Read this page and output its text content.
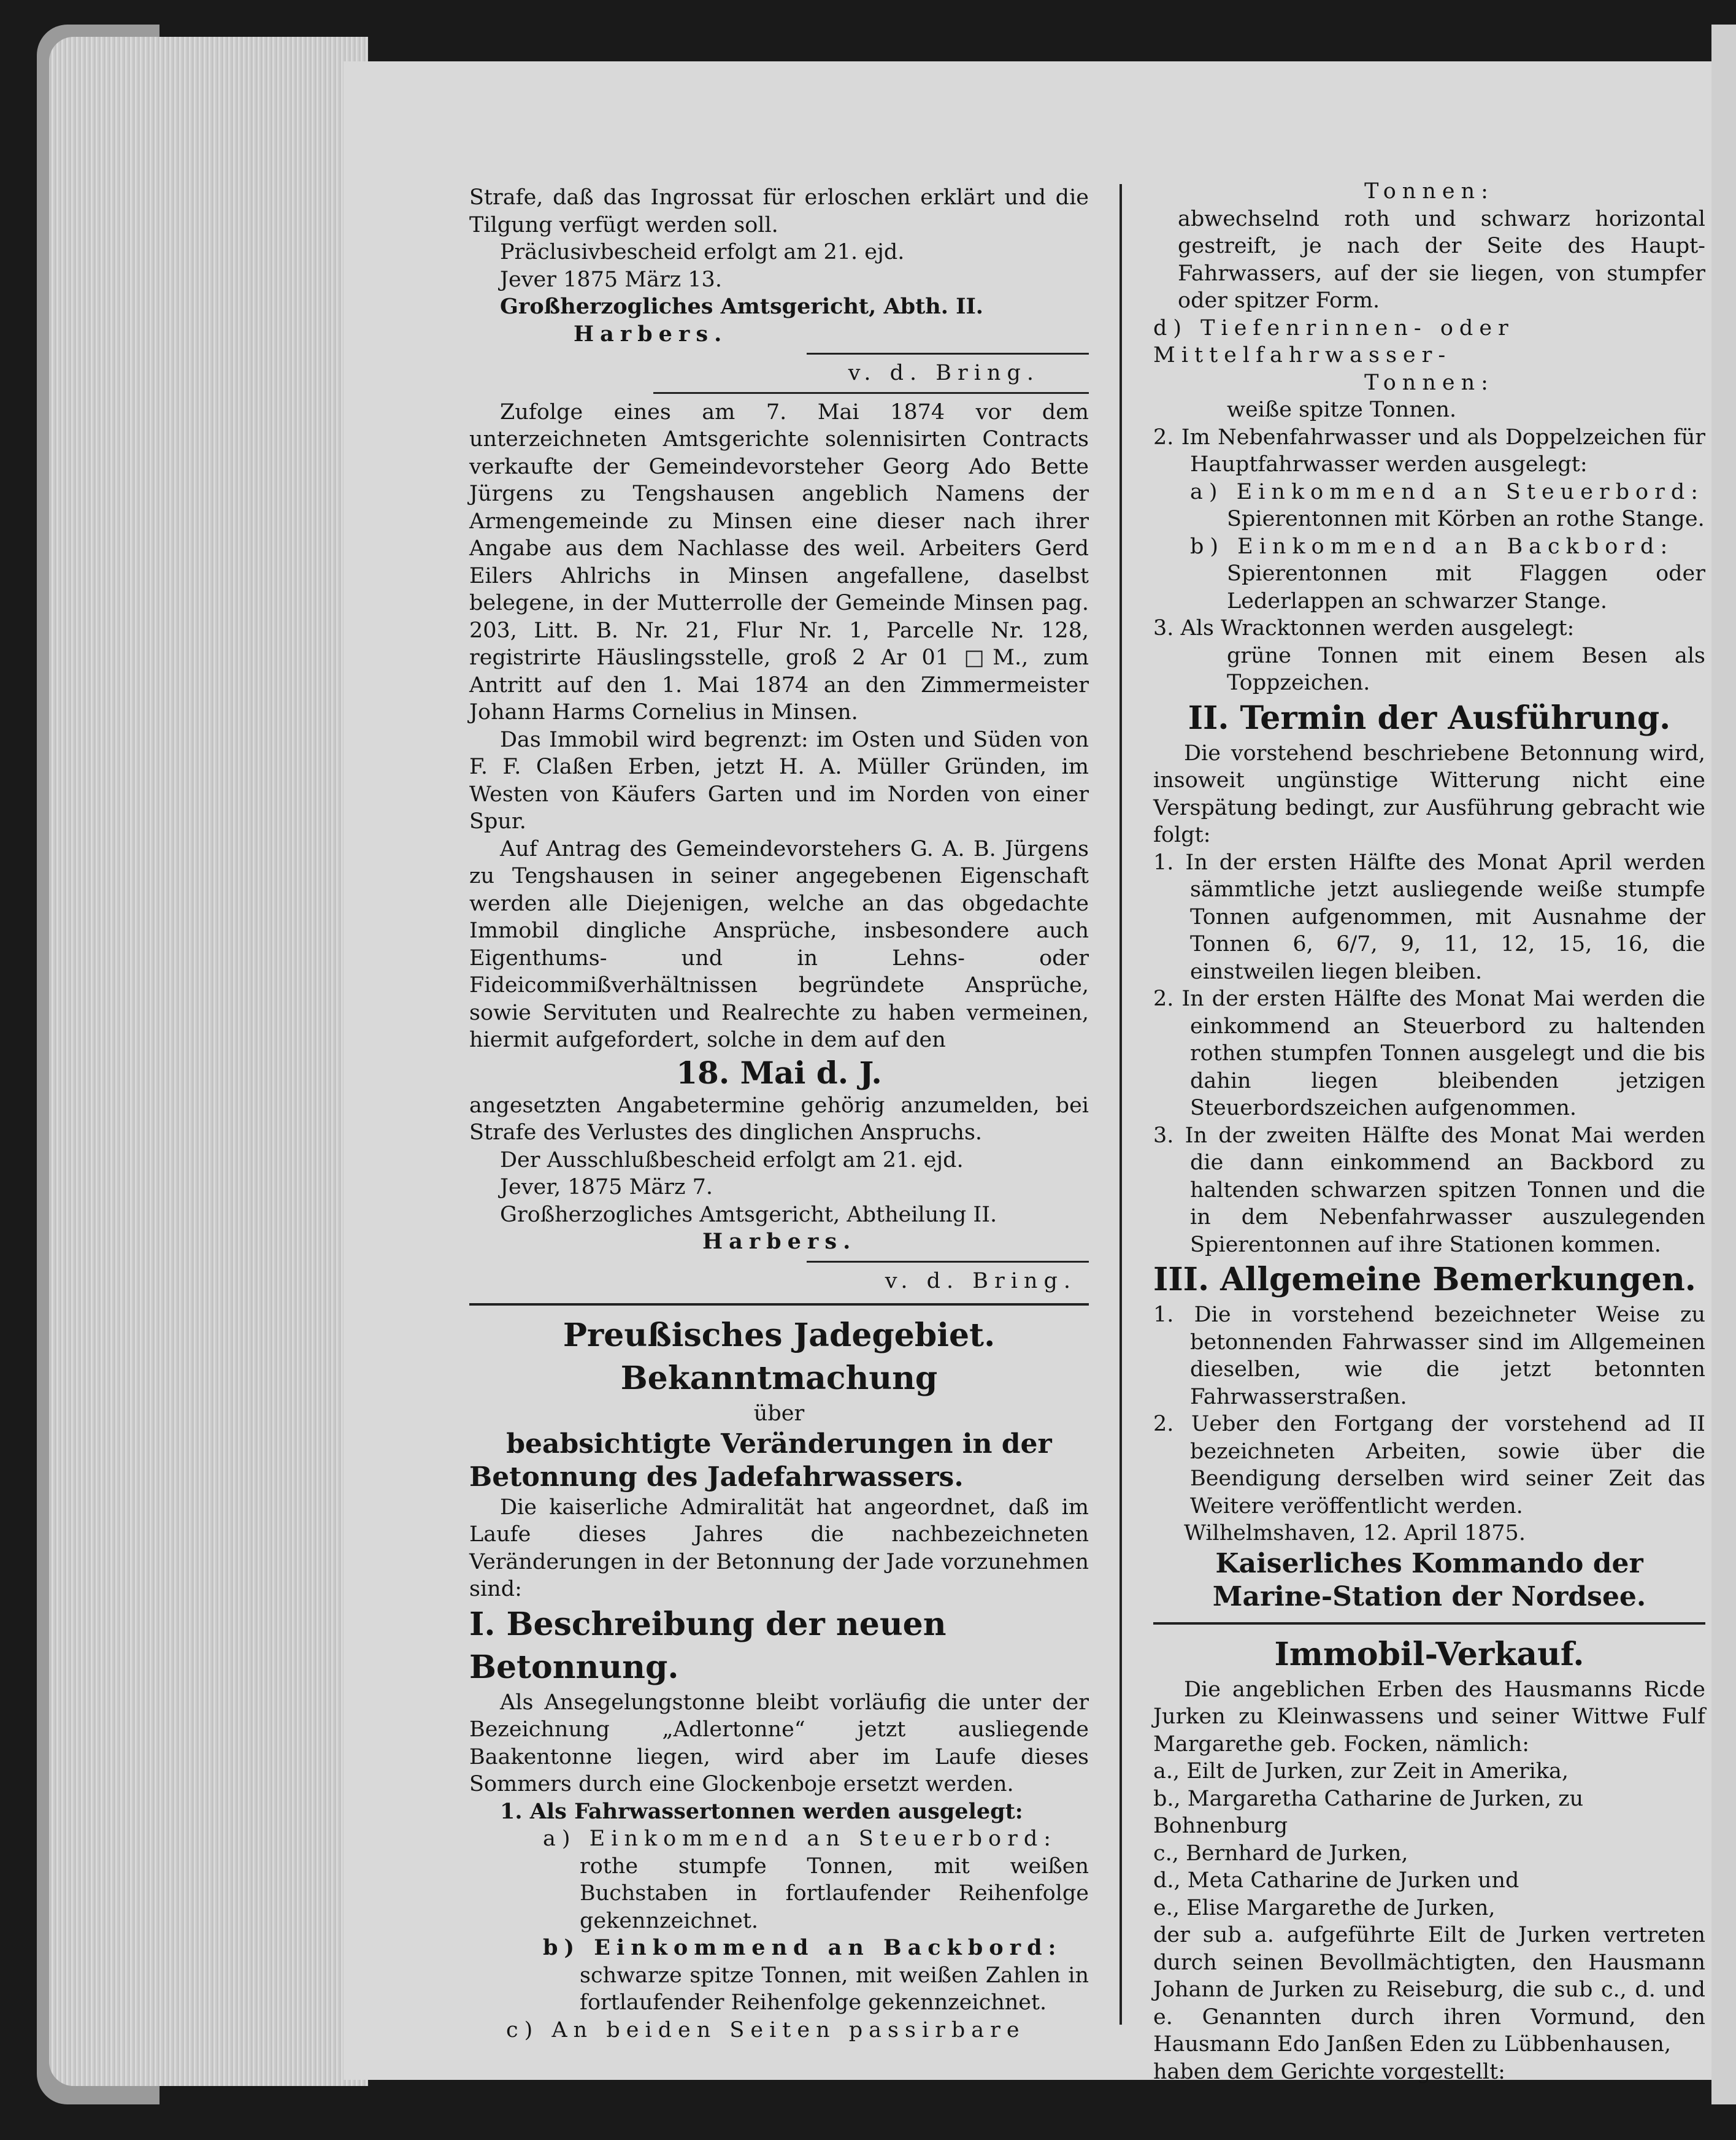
Strafe, daß das Ingrossat für erloschen erklärt und die Tilgung verfügt werden soll.

Präclusivbescheid erfolgt am 21. ejd.

Jever 1875 März 13.

Großherzogliches Amtsgericht, Abth. II.

Harbers.

v. d. Bring.

Zufolge eines am 7. Mai 1874 vor dem unterzeichneten Amtsgerichte solennisirten Contracts verkaufte der Gemeindevorsteher Georg Ado Bette Jürgens zu Tengshausen angeblich Namens der Armengemeinde zu Minsen eine dieser nach ihrer Angabe aus dem Nachlasse des weil. Arbeiters Gerd Eilers Ahlrichs in Minsen angefallene, daselbst belegene, in der Mutterrolle der Gemeinde Minsen pag. 203, Litt. B. Nr. 21, Flur Nr. 1, Parcelle Nr. 128, registrirte Häuslingsstelle, groß 2 Ar 01 □M., zum Antritt auf den 1. Mai 1874 an den Zimmermeister Johann Harms Cornelius in Minsen.

Das Immobil wird begrenzt: im Osten und Süden von F. F. Claßen Erben, jetzt H. A. Müller Gründen, im Westen von Käufers Garten und im Norden von einer Spur.

Auf Antrag des Gemeindevorstehers G. A. B. Jürgens zu Tengshausen in seiner angegebenen Eigenschaft werden alle Diejenigen, welche an das obgedachte Immobil dingliche Ansprüche, insbesondere auch Eigenthums- und in Lehns- oder Fideicommißverhältnissen begründete Ansprüche, sowie Servituten und Realrechte zu haben vermeinen, hiermit aufgefordert, solche in dem auf den

18. Mai d. J.

angesetzten Angabetermine gehörig anzumelden, bei Strafe des Verlustes des dinglichen Anspruchs.

Der Ausschlußbescheid erfolgt am 21. ejd.

Jever, 1875 März 7.

Großherzogliches Amtsgericht, Abtheilung II.

Harbers.

v. d. Bring.

Preußisches Jadegebiet.

Bekanntmachung

über

beabsichtigte Veränderungen in der Betonnung des Jadefahrwassers.

Die kaiserliche Admiralität hat angeordnet, daß im Laufe dieses Jahres die nachbezeichneten Veränderungen in der Betonnung der Jade vorzunehmen sind:

I. Beschreibung der neuen Betonnung.

Als Ansegelungstonne bleibt vorläufig die unter der Bezeichnung „Adlertonne“ jetzt ausliegende Baakentonne liegen, wird aber im Laufe dieses Sommers durch eine Glockenboje ersetzt werden.

1. Als Fahrwassertonnen werden ausgelegt:

a) Einkommend an Steuerbord:

rothe stumpfe Tonnen, mit weißen Buchstaben in fortlaufender Reihenfolge gekennzeichnet.

b) Einkommend an Backbord:

schwarze spitze Tonnen, mit weißen Zahlen in fortlaufender Reihenfolge gekennzeichnet.

c) An beiden Seiten passirbare

Tonnen:

abwechselnd roth und schwarz horizontal gestreift, je nach der Seite des Haupt-Fahrwassers, auf der sie liegen, von stumpfer oder spitzer Form.

d) Tiefenrinnen- oder Mittelfahrwasser-

Tonnen:

weiße spitze Tonnen.

2. Im Nebenfahrwasser und als Doppelzeichen für Hauptfahrwasser werden ausgelegt:

a) Einkommend an Steuerbord:

Spierentonnen mit Körben an rothe Stange.

b) Einkommend an Backbord:

Spierentonnen mit Flaggen oder Lederlappen an schwarzer Stange.

3. Als Wracktonnen werden ausgelegt:

grüne Tonnen mit einem Besen als Toppzeichen.

II. Termin der Ausführung.

Die vorstehend beschriebene Betonnung wird, insoweit ungünstige Witterung nicht eine Verspätung bedingt, zur Ausführung gebracht wie folgt:

1. In der ersten Hälfte des Monat April werden sämmtliche jetzt ausliegende weiße stumpfe Tonnen aufgenommen, mit Ausnahme der Tonnen 6, 6/7, 9, 11, 12, 15, 16, die einstweilen liegen bleiben.

2. In der ersten Hälfte des Monat Mai werden die einkommend an Steuerbord zu haltenden rothen stumpfen Tonnen ausgelegt und die bis dahin liegen bleibenden jetzigen Steuerbordszeichen aufgenommen.

3. In der zweiten Hälfte des Monat Mai werden die dann einkommend an Backbord zu haltenden schwarzen spitzen Tonnen und die in dem Nebenfahrwasser auszulegenden Spierentonnen auf ihre Stationen kommen.

III. Allgemeine Bemerkungen.

1. Die in vorstehend bezeichneter Weise zu betonnenden Fahrwasser sind im Allgemeinen dieselben, wie die jetzt betonnten Fahrwasserstraßen.

2. Ueber den Fortgang der vorstehend ad II bezeichneten Arbeiten, sowie über die Beendigung derselben wird seiner Zeit das Weitere veröffentlicht werden.

Wilhelmshaven, 12. April 1875.

Kaiserliches Kommando der Marine-Station der Nordsee.

Immobil-Verkauf.

Die angeblichen Erben des Hausmanns Ricde Jurken zu Kleinwassens und seiner Wittwe Fulf Margarethe geb. Focken, nämlich:

a., Eilt de Jurken, zur Zeit in Amerika,

b., Margaretha Catharine de Jurken, zu Bohnenburg

c., Bernhard de Jurken,

d., Meta Catharine de Jurken und

e., Elise Margarethe de Jurken,

der sub a. aufgeführte Eilt de Jurken vertreten durch seinen Bevollmächtigten, den Hausmann Johann de Jurken zu Reiseburg, die sub c., d. und e. Genannten durch ihren Vormund, den Hausmann Edo Janßen Eden zu Lübbenhausen,

haben dem Gerichte vorgestellt:
